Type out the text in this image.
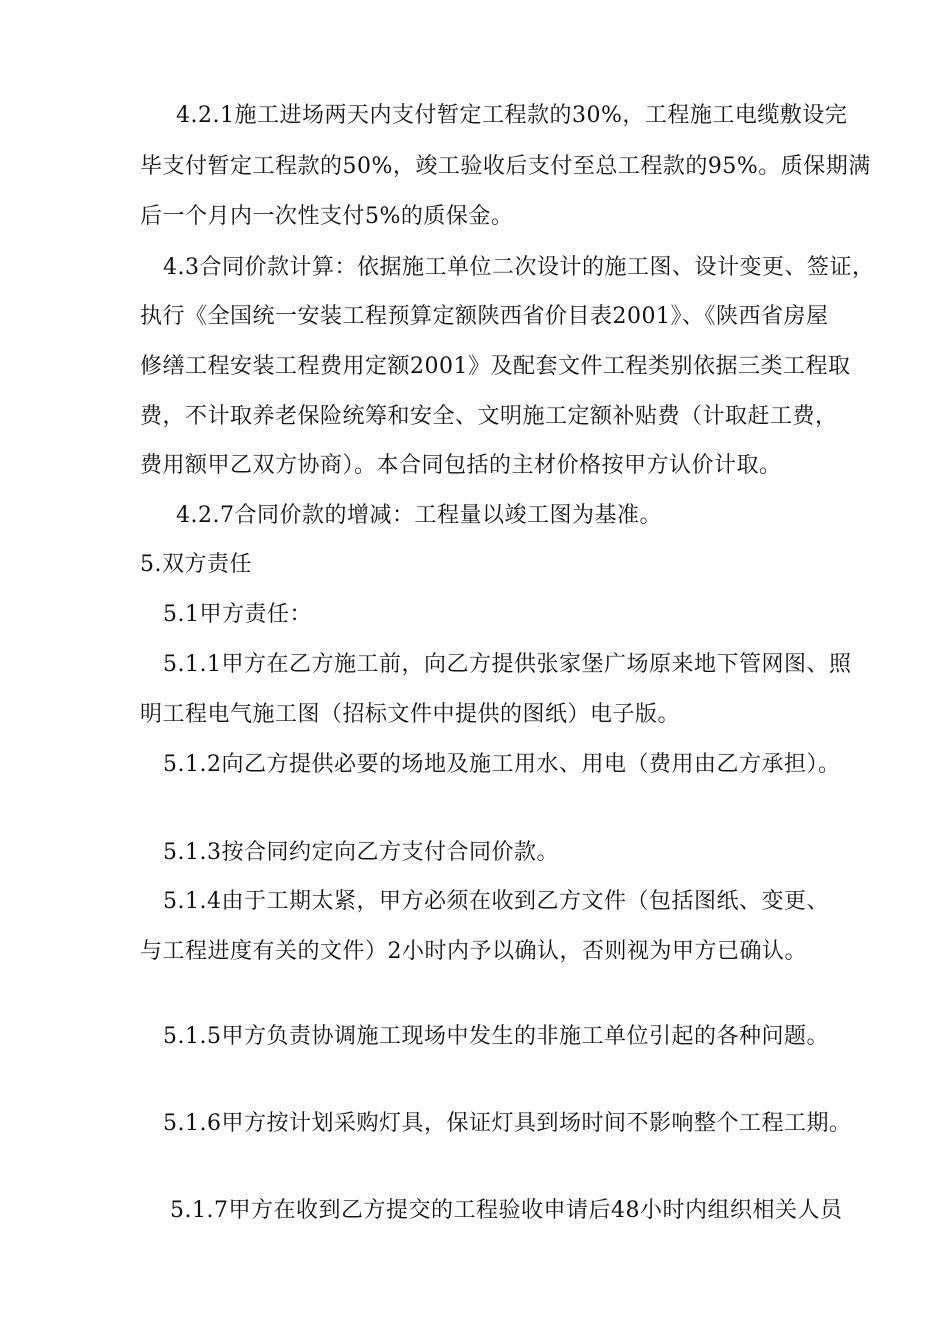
4.2.1施工进场两天内支付暂定工程款的30%，工程施工电缆敷设完
毕支付暂定工程款的50%，竣工验收后支付至总工程款的95%。质保期满
后一个月内一次性支付5%的质保金。
4.3合同价款计算：依据施工单位二次设计的施工图、设计变更、签证，
执行《全国统一安装工程预算定额陕西省价目表2001》、《陕西省房屋
修缮工程安装工程费用定额2001》及配套文件工程类别依据三类工程取
费，不计取养老保险统筹和安全、文明施工定额补贴费（计取赶工费，
费用额甲乙双方协商）。本合同包括的主材价格按甲方认价计取。
4.2.7合同价款的增减：工程量以竣工图为基准。
5.双方责任
5.1甲方责任：
5.1.1甲方在乙方施工前，向乙方提供张家堡广场原来地下管网图、照
明工程电气施工图（招标文件中提供的图纸）电子版。
5.1.2向乙方提供必要的场地及施工用水、用电（费用由乙方承担）。
5.1.3按合同约定向乙方支付合同价款。
5.1.4由于工期太紧，甲方必须在收到乙方文件（包括图纸、变更、
与工程进度有关的文件）2小时内予以确认，否则视为甲方已确认。
5.1.5甲方负责协调施工现场中发生的非施工单位引起的各种问题。
5.1.6甲方按计划采购灯具，保证灯具到场时间不影响整个工程工期。
5.1.7甲方在收到乙方提交的工程验收申请后48小时内组织相关人员
